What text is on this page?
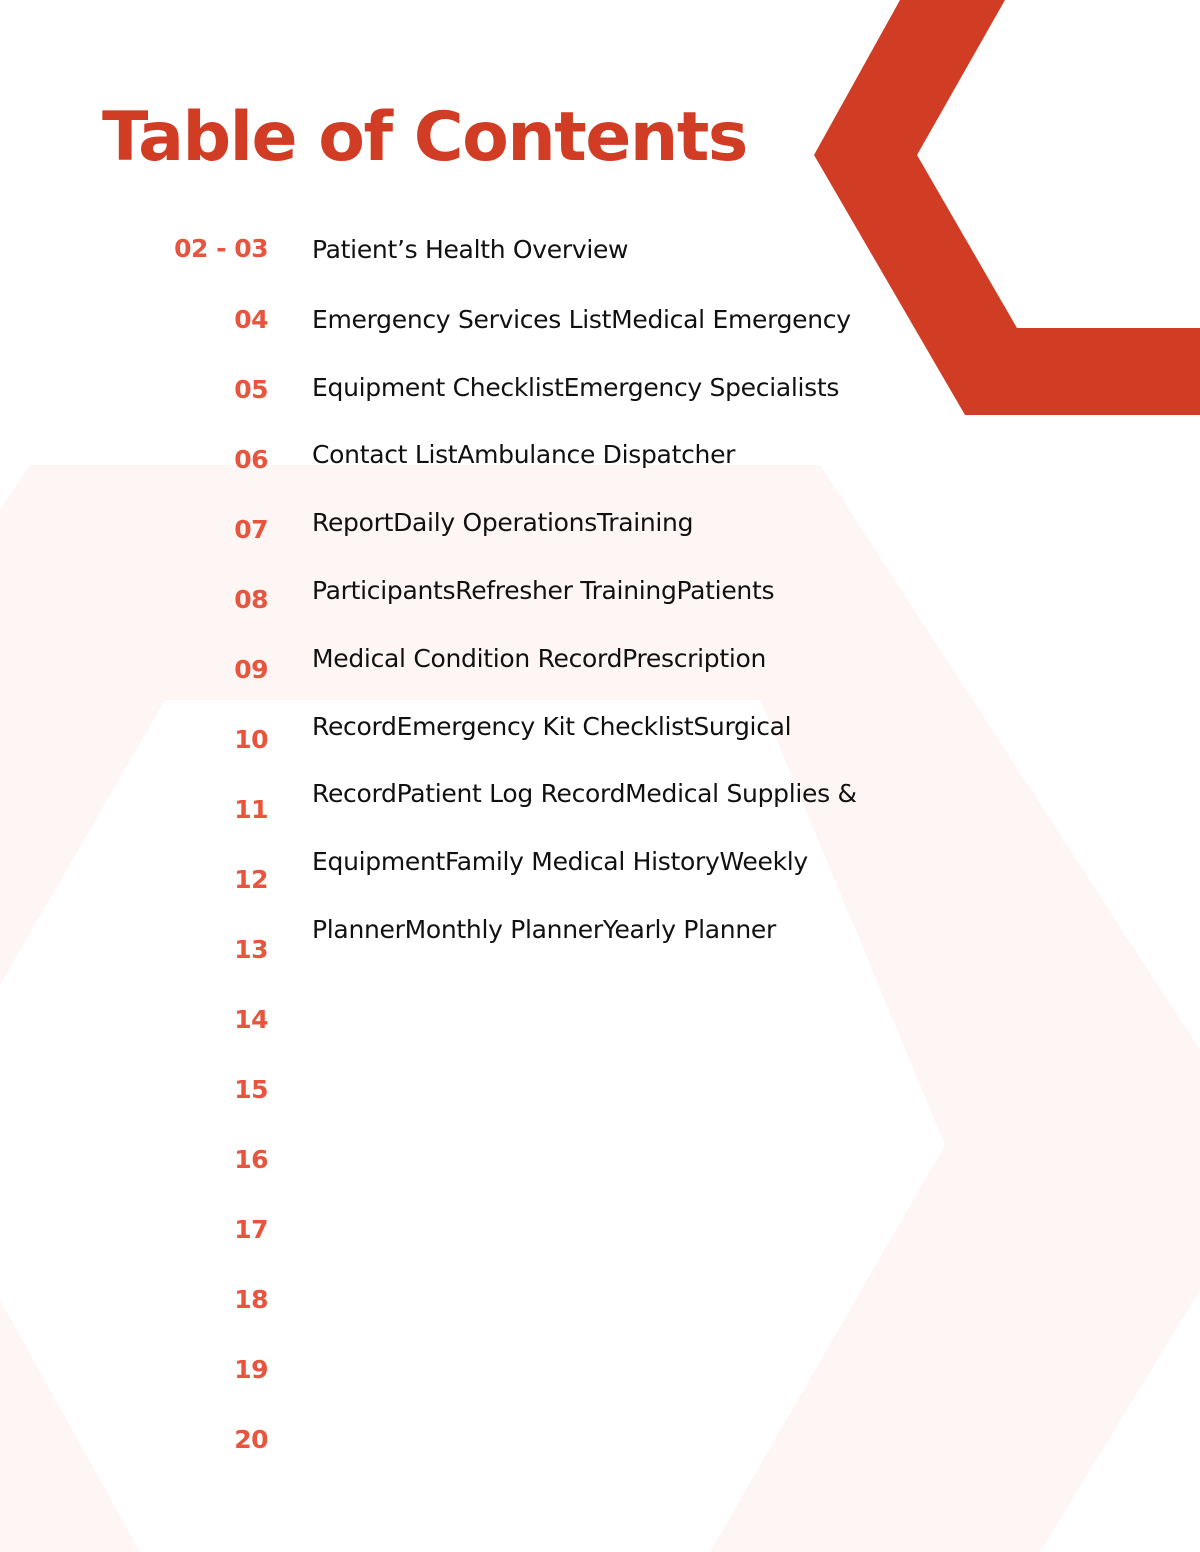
Table of Contents
02 - 03
04
05
06
07
08
09
10
11
12
13
14
15
16
17
18
19
20
Patient’s Health Overview
Emergency Services ListMedical Emergency
Equipment ChecklistEmergency Specialists
Contact ListAmbulance Dispatcher
ReportDaily OperationsTraining
ParticipantsRefresher TrainingPatients
Medical Condition RecordPrescription
RecordEmergency Kit ChecklistSurgical
RecordPatient Log RecordMedical Supplies &
EquipmentFamily Medical HistoryWeekly
PlannerMonthly PlannerYearly Planner
